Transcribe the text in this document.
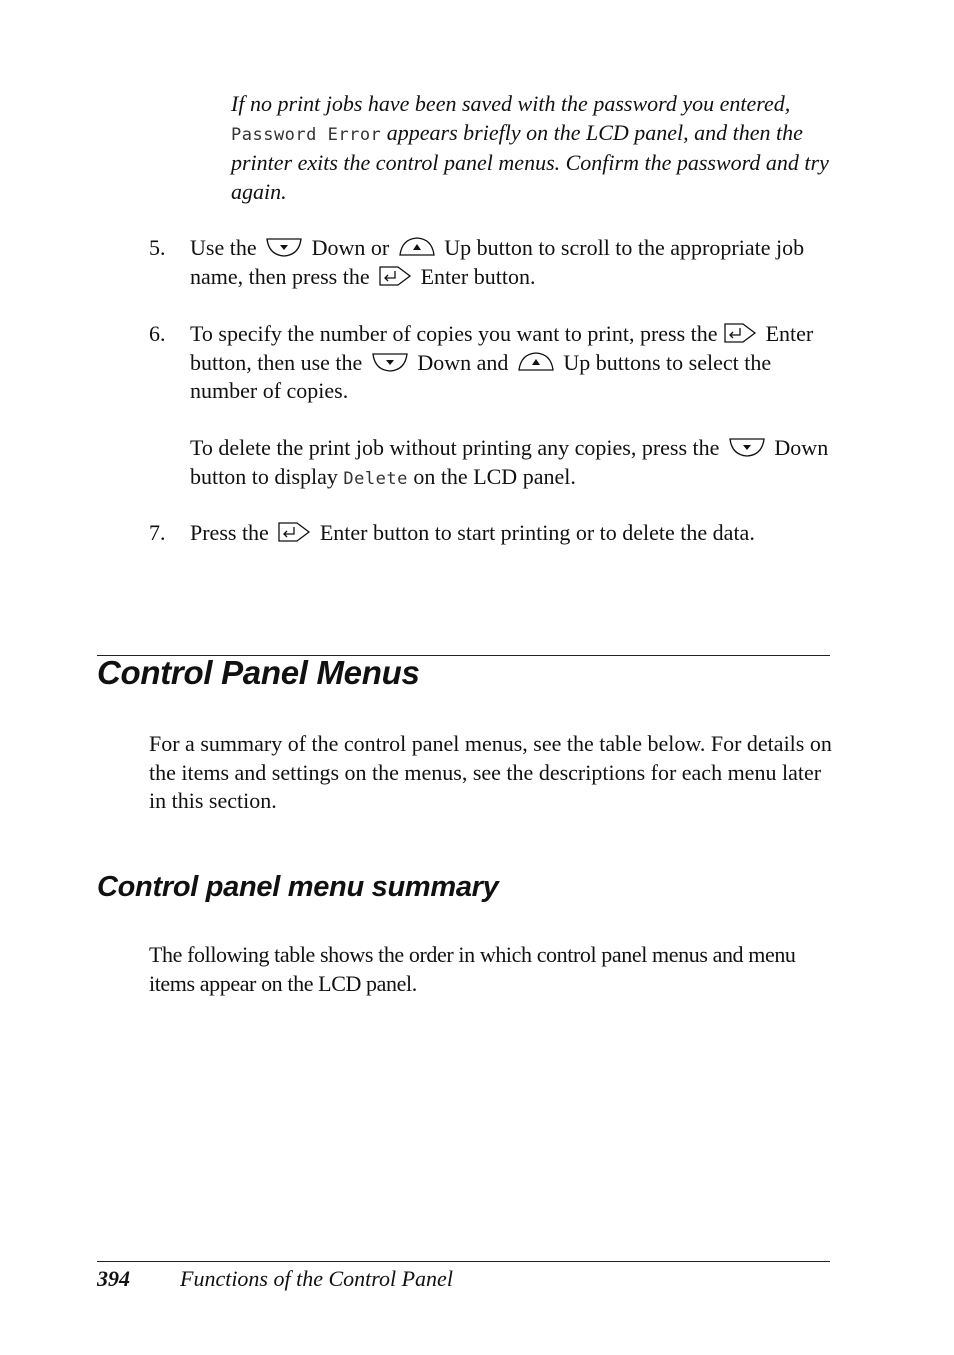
If no print jobs have been saved with the password you entered,
Password Error appears briefly on the LCD panel, and then the printer exits the control panel menus. Confirm the password and try again.
5. Use the	Down or	Up button to scroll to the appropriate job name, then press the Enter button.
6. To specify the number of copies you want to print, press the Enter button, then use the	Down and	Up buttons to select the number of copies.
To delete the print job without printing any copies, press the	Down button to display Delete on the LCD panel.
7. Press the Enter button to start printing or to delete the data.
Control Panel Menus
For a summary of the control panel menus, see the table below. For details on the items and settings on the menus, see the descriptions for each menu later in this section.
Control panel menu summary
The following table shows the order in which control panel menus and menu items appear on the LCD panel.
394 Functions of the Control Panel
